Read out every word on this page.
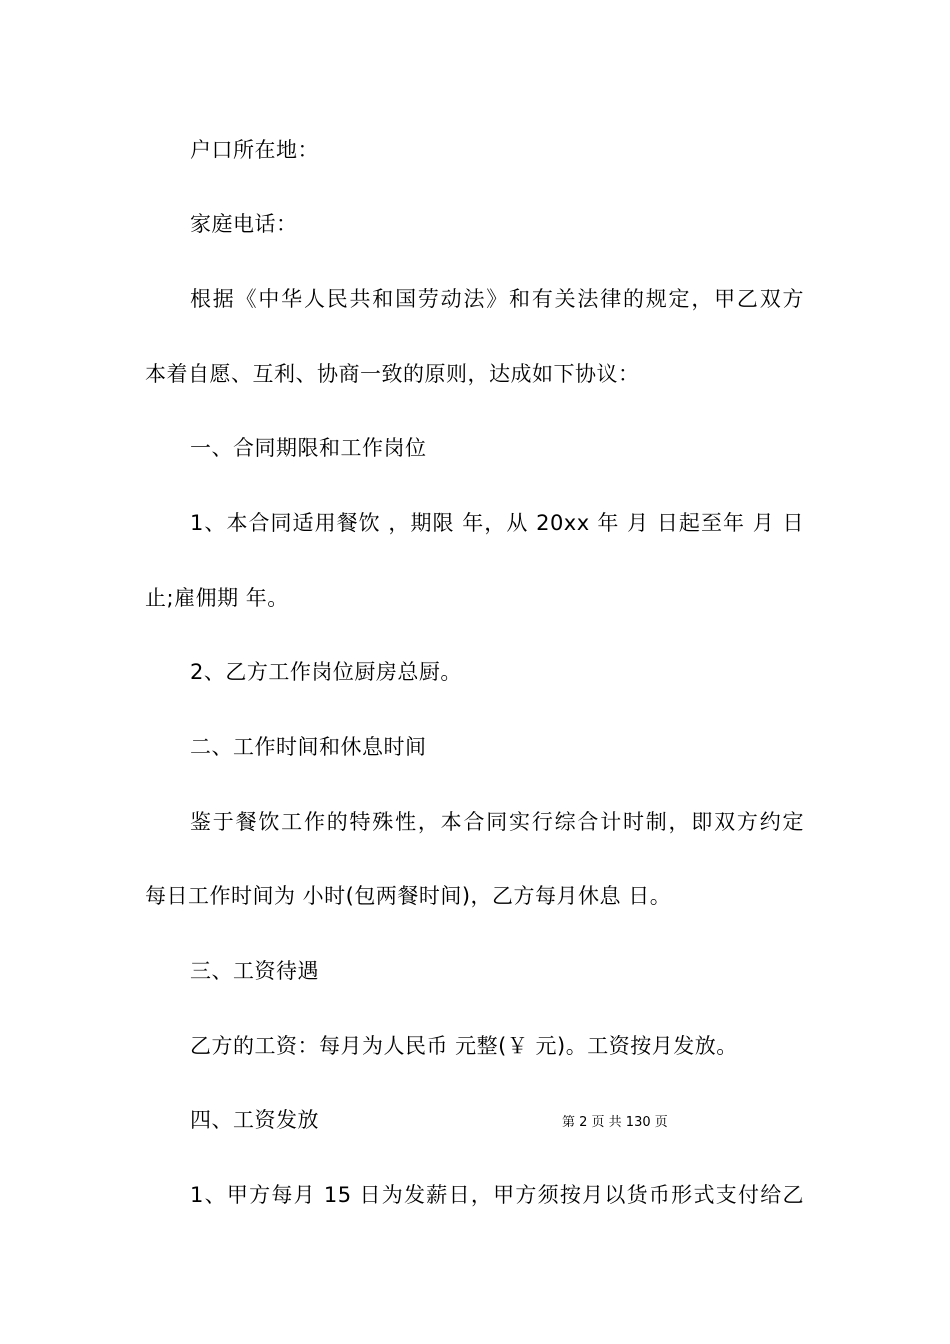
户口所在地：
家庭电话：
根据《中华人民共和国劳动法》和有关法律的规定，甲乙双方
本着自愿、互利、协商一致的原则，达成如下协议：
一、合同期限和工作岗位
1、本合同适用餐饮 ，期限 年，从 20xx 年 月 日起至年 月 日
止;雇佣期 年。
2、乙方工作岗位厨房总厨。
二、工作时间和休息时间
鉴于餐饮工作的特殊性，本合同实行综合计时制，即双方约定
每日工作时间为 小时(包两餐时间)，乙方每月休息 日。
三、工资待遇
乙方的工资：每月为人民币 元整(￥ 元)。工资按月发放。
四、工资发放
1、甲方每月 15 日为发薪日，甲方须按月以货币形式支付给乙
第 2 页 共 130 页
